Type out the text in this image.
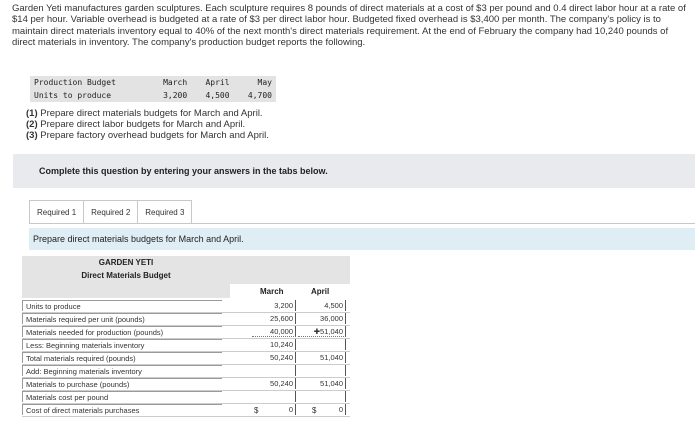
Garden Yeti manufactures garden sculptures. Each sculpture requires 8 pounds of direct materials at a cost of $3 per pound and 0.4 direct labor hour at a rate of $14 per hour. Variable overhead is budgeted at a rate of $3 per direct labor hour. Budgeted fixed overhead is $3,400 per month. The company's policy is to maintain direct materials inventory equal to 40% of the next month's direct materials requirement. At the end of February the company had 10,240 pounds of direct materials in inventory. The company's production budget reports the following.

Production Budget	March	April	May
Units to produce	3,200	4,500	4,700
(1) Prepare direct materials budgets for March and April.
(2) Prepare direct labor budgets for March and April.
(3) Prepare factory overhead budgets for March and April.
Complete this question by entering your answers in the tabs below.
Required 1	Required 2	Required 3
Prepare direct materials budgets for March and April.
GARDEN YETI
Direct Materials Budget
March	April
Units to produce	3,200	4,500
Materials required per unit (pounds)	25,600	36,000
Materials needed for production (pounds)	40,000	✚51,040
Less: Beginning materials inventory	10,240
Total materials required (pounds)	50,240	51,040
Add: Beginning materials inventory
Materials to purchase (pounds)	50,240	51,040
Materials cost per pound
Cost of direct materials purchases	0	0
$	$
